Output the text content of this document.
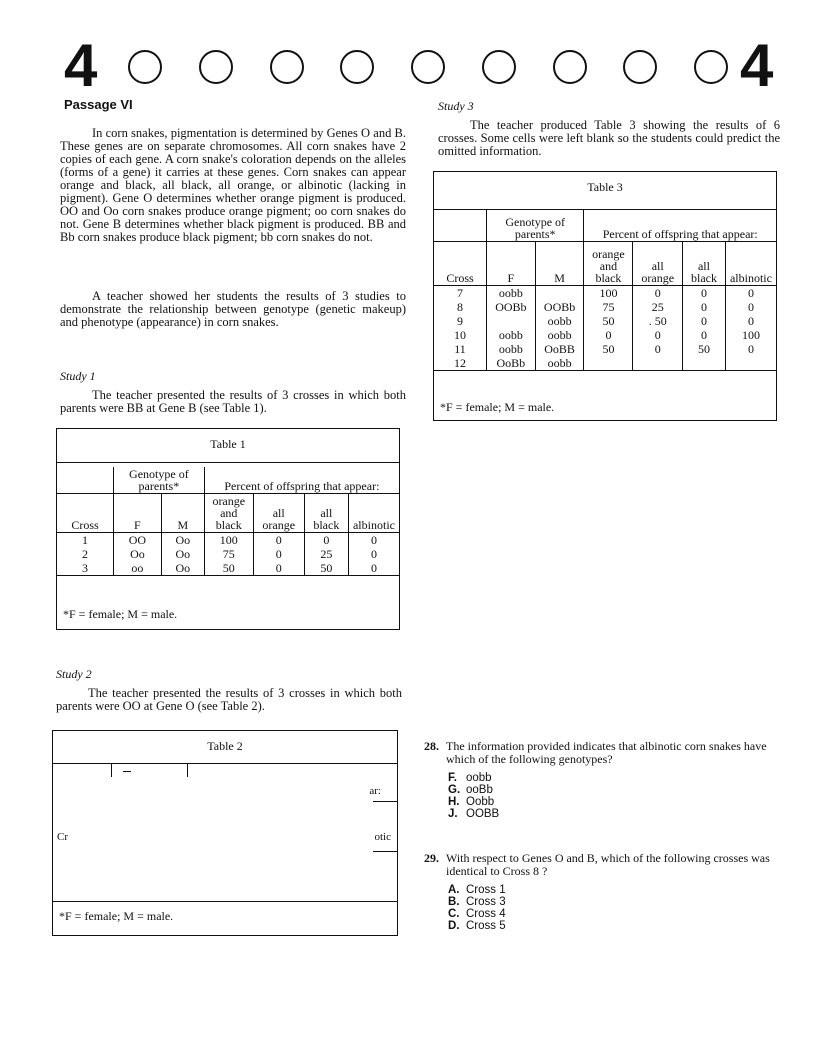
4	4
Passage VI

In corn snakes, pigmentation is determined by Genes O and B. These genes are on separate chromosomes. All corn snakes have 2 copies of each gene. A corn snake's coloration depends on the alleles (forms of a gene) it carries at these genes. Corn snakes can appear orange and black, all black, all orange, or albinotic (lacking in pigment). Gene O determines whether orange pigment is produced. OO and Oo corn snakes produce orange pigment; oo corn snakes do not. Gene B determines whether black pigment is produced. BB and Bb corn snakes produce black pigment; bb corn snakes do not.

A teacher showed her students the results of 3 studies to demonstrate the relationship between genotype (genetic makeup) and phenotype (appearance) in corn snakes.

Study 1

The teacher presented the results of 3 crosses in which both parents were BB at Gene B (see Table 1).

Table 1
	Genotype of parents*		Percent of offspring that appear:			
Cross	F	M	orange and black	all orange	all black	albinotic
1	OO	Oo	100	0	0	0
2	Oo	Oo	75	0	25	0
3	oo	Oo	50	0	50	0
*F = female; M = male.
Study 2

The teacher presented the results of 3 crosses in which both parents were OO at Gene O (see Table 2).

Table 2
ar:
Cr	otic
*F = female; M = male.
Study 3

The teacher produced Table 3 showing the results of 6 crosses. Some cells were left blank so the students could predict the omitted information.

Table 3
	Genotype of parents*		Percent of offspring that appear:			
Cross	F	M	orange and black	all orange	all black	albinotic
7	oobb		100	0	0	0
8	OOBb	OOBb	75	25	0	0
9		oobb	50	. 50	0	0
10	oobb	oobb	0	0	0	100
11	oobb	OoBB	50	0	50	0
12	OoBb	oobb				
*F = female; M = male.
28. The information provided indicates that albinotic corn snakes have which of the following genotypes?
F. oobb
G. ooBb
H. Oobb
J. OOBB
29. With respect to Genes O and B, which of the following crosses was identical to Cross 8 ?
A. Cross 1
B. Cross 3
C. Cross 4
D. Cross 5
